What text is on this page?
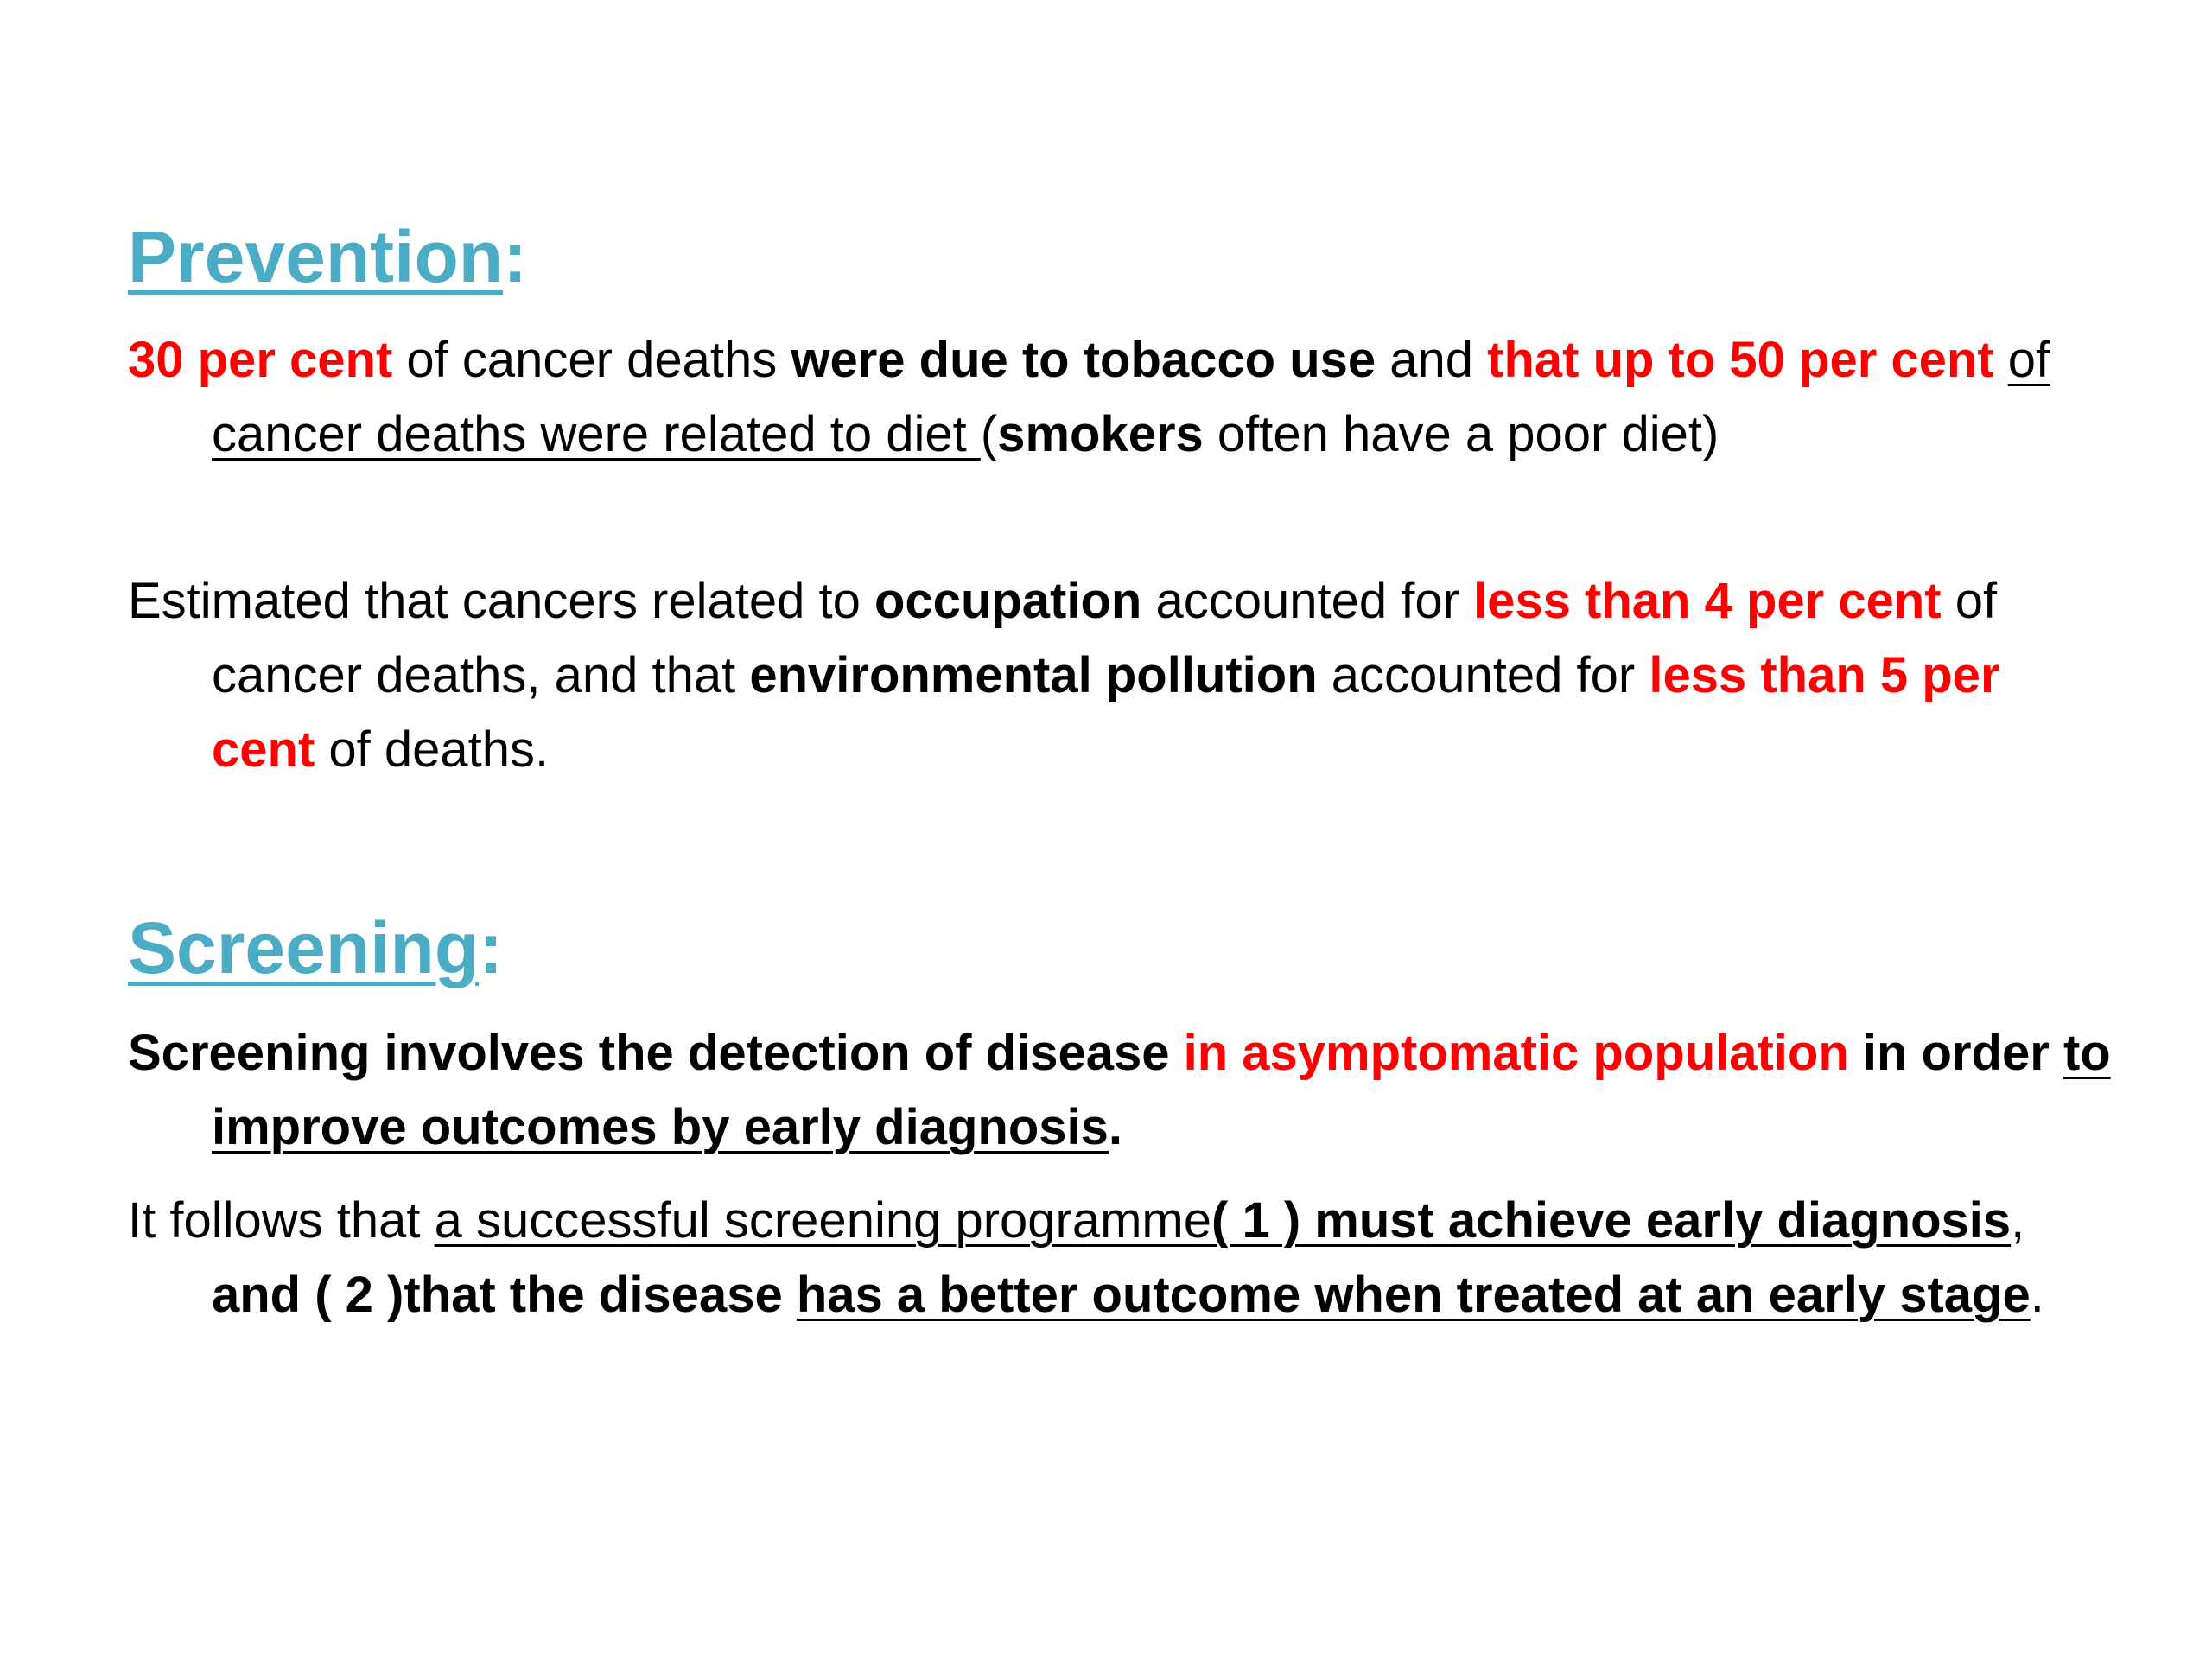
Prevention:

30 per cent of cancer deaths were due to tobacco use and that up to 50 per cent of cancer deaths were related to diet (smokers often have a poor diet)

Estimated that cancers related to occupation accounted for less than 4 per cent of cancer deaths, and that environmental pollution accounted for less than 5 per cent of deaths.

Screening:

Screening involves the detection of disease in asymptomatic population in order to improve outcomes by early diagnosis.

It follows that a successful screening programme( 1 ) must achieve early diagnosis, and ( 2 )that the disease has a better outcome when treated at an early stage.
